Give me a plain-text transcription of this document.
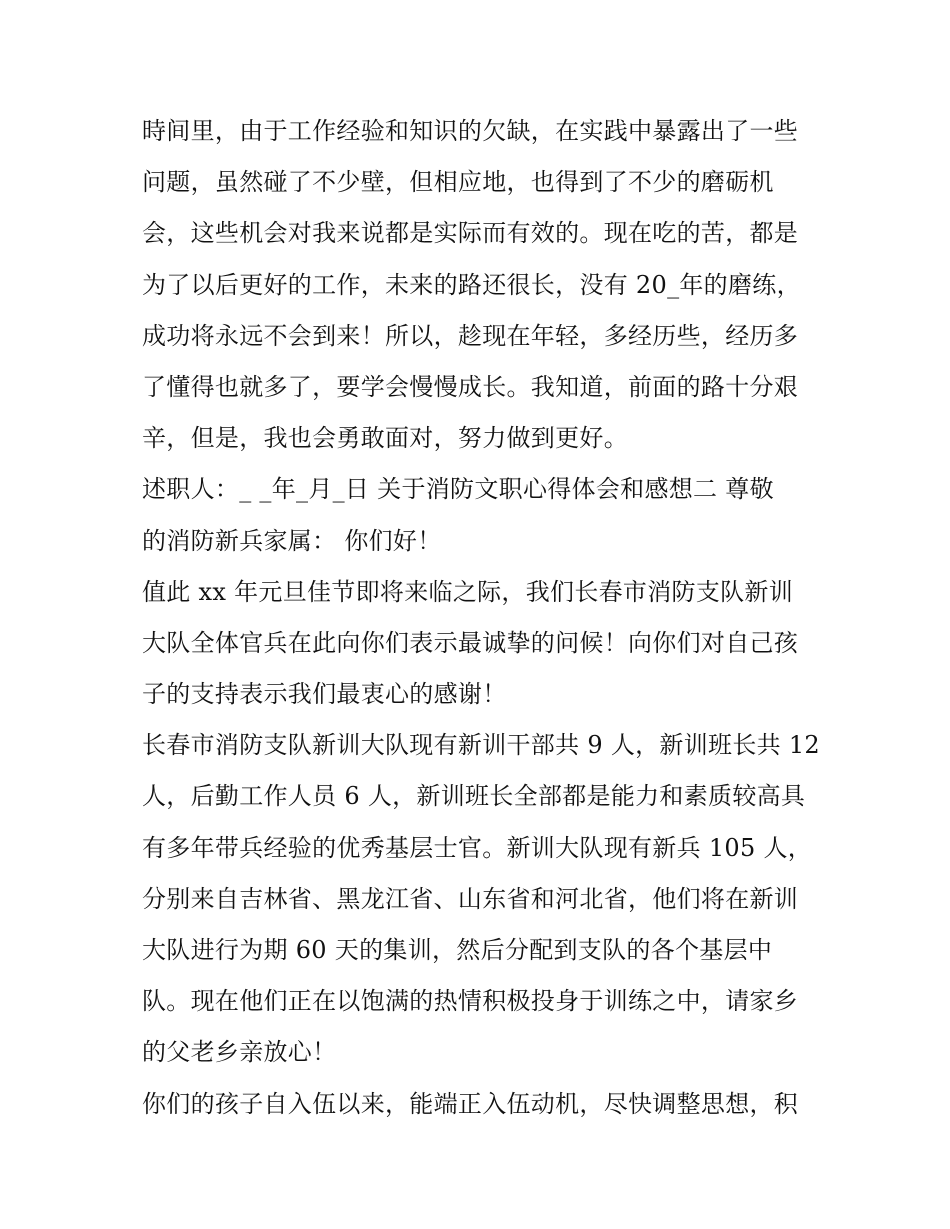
時间里，由于工作经验和知识的欠缺，在实践中暴露出了一些
问题，虽然碰了不少壁，但相应地，也得到了不少的磨砺机
会，这些机会对我来说都是实际而有效的。现在吃的苦，都是
为了以后更好的工作，未来的路还很长，没有 20_年的磨练，
成功将永远不会到来！所以，趁现在年轻，多经历些，经历多
了懂得也就多了，要学会慢慢成长。我知道，前面的路十分艰
辛，但是，我也会勇敢面对，努力做到更好。
述职人：_ _年_月_日 关于消防文职心得体会和感想二 尊敬
的消防新兵家属： 你们好！
值此 xx 年元旦佳节即将来临之际，我们长春市消防支队新训
大队全体官兵在此向你们表示最诚挚的问候！向你们对自己孩
子的支持表示我们最衷心的感谢！
长春市消防支队新训大队现有新训干部共 9 人，新训班长共 12
人，后勤工作人员 6 人，新训班长全部都是能力和素质较高具
有多年带兵经验的优秀基层士官。新训大队现有新兵 105 人，
分别来自吉林省、黑龙江省、山东省和河北省，他们将在新训
大队进行为期 60 天的集训，然后分配到支队的各个基层中
队。现在他们正在以饱满的热情积极投身于训练之中，请家乡
的父老乡亲放心！
你们的孩子自入伍以来，能端正入伍动机，尽快调整思想，积
